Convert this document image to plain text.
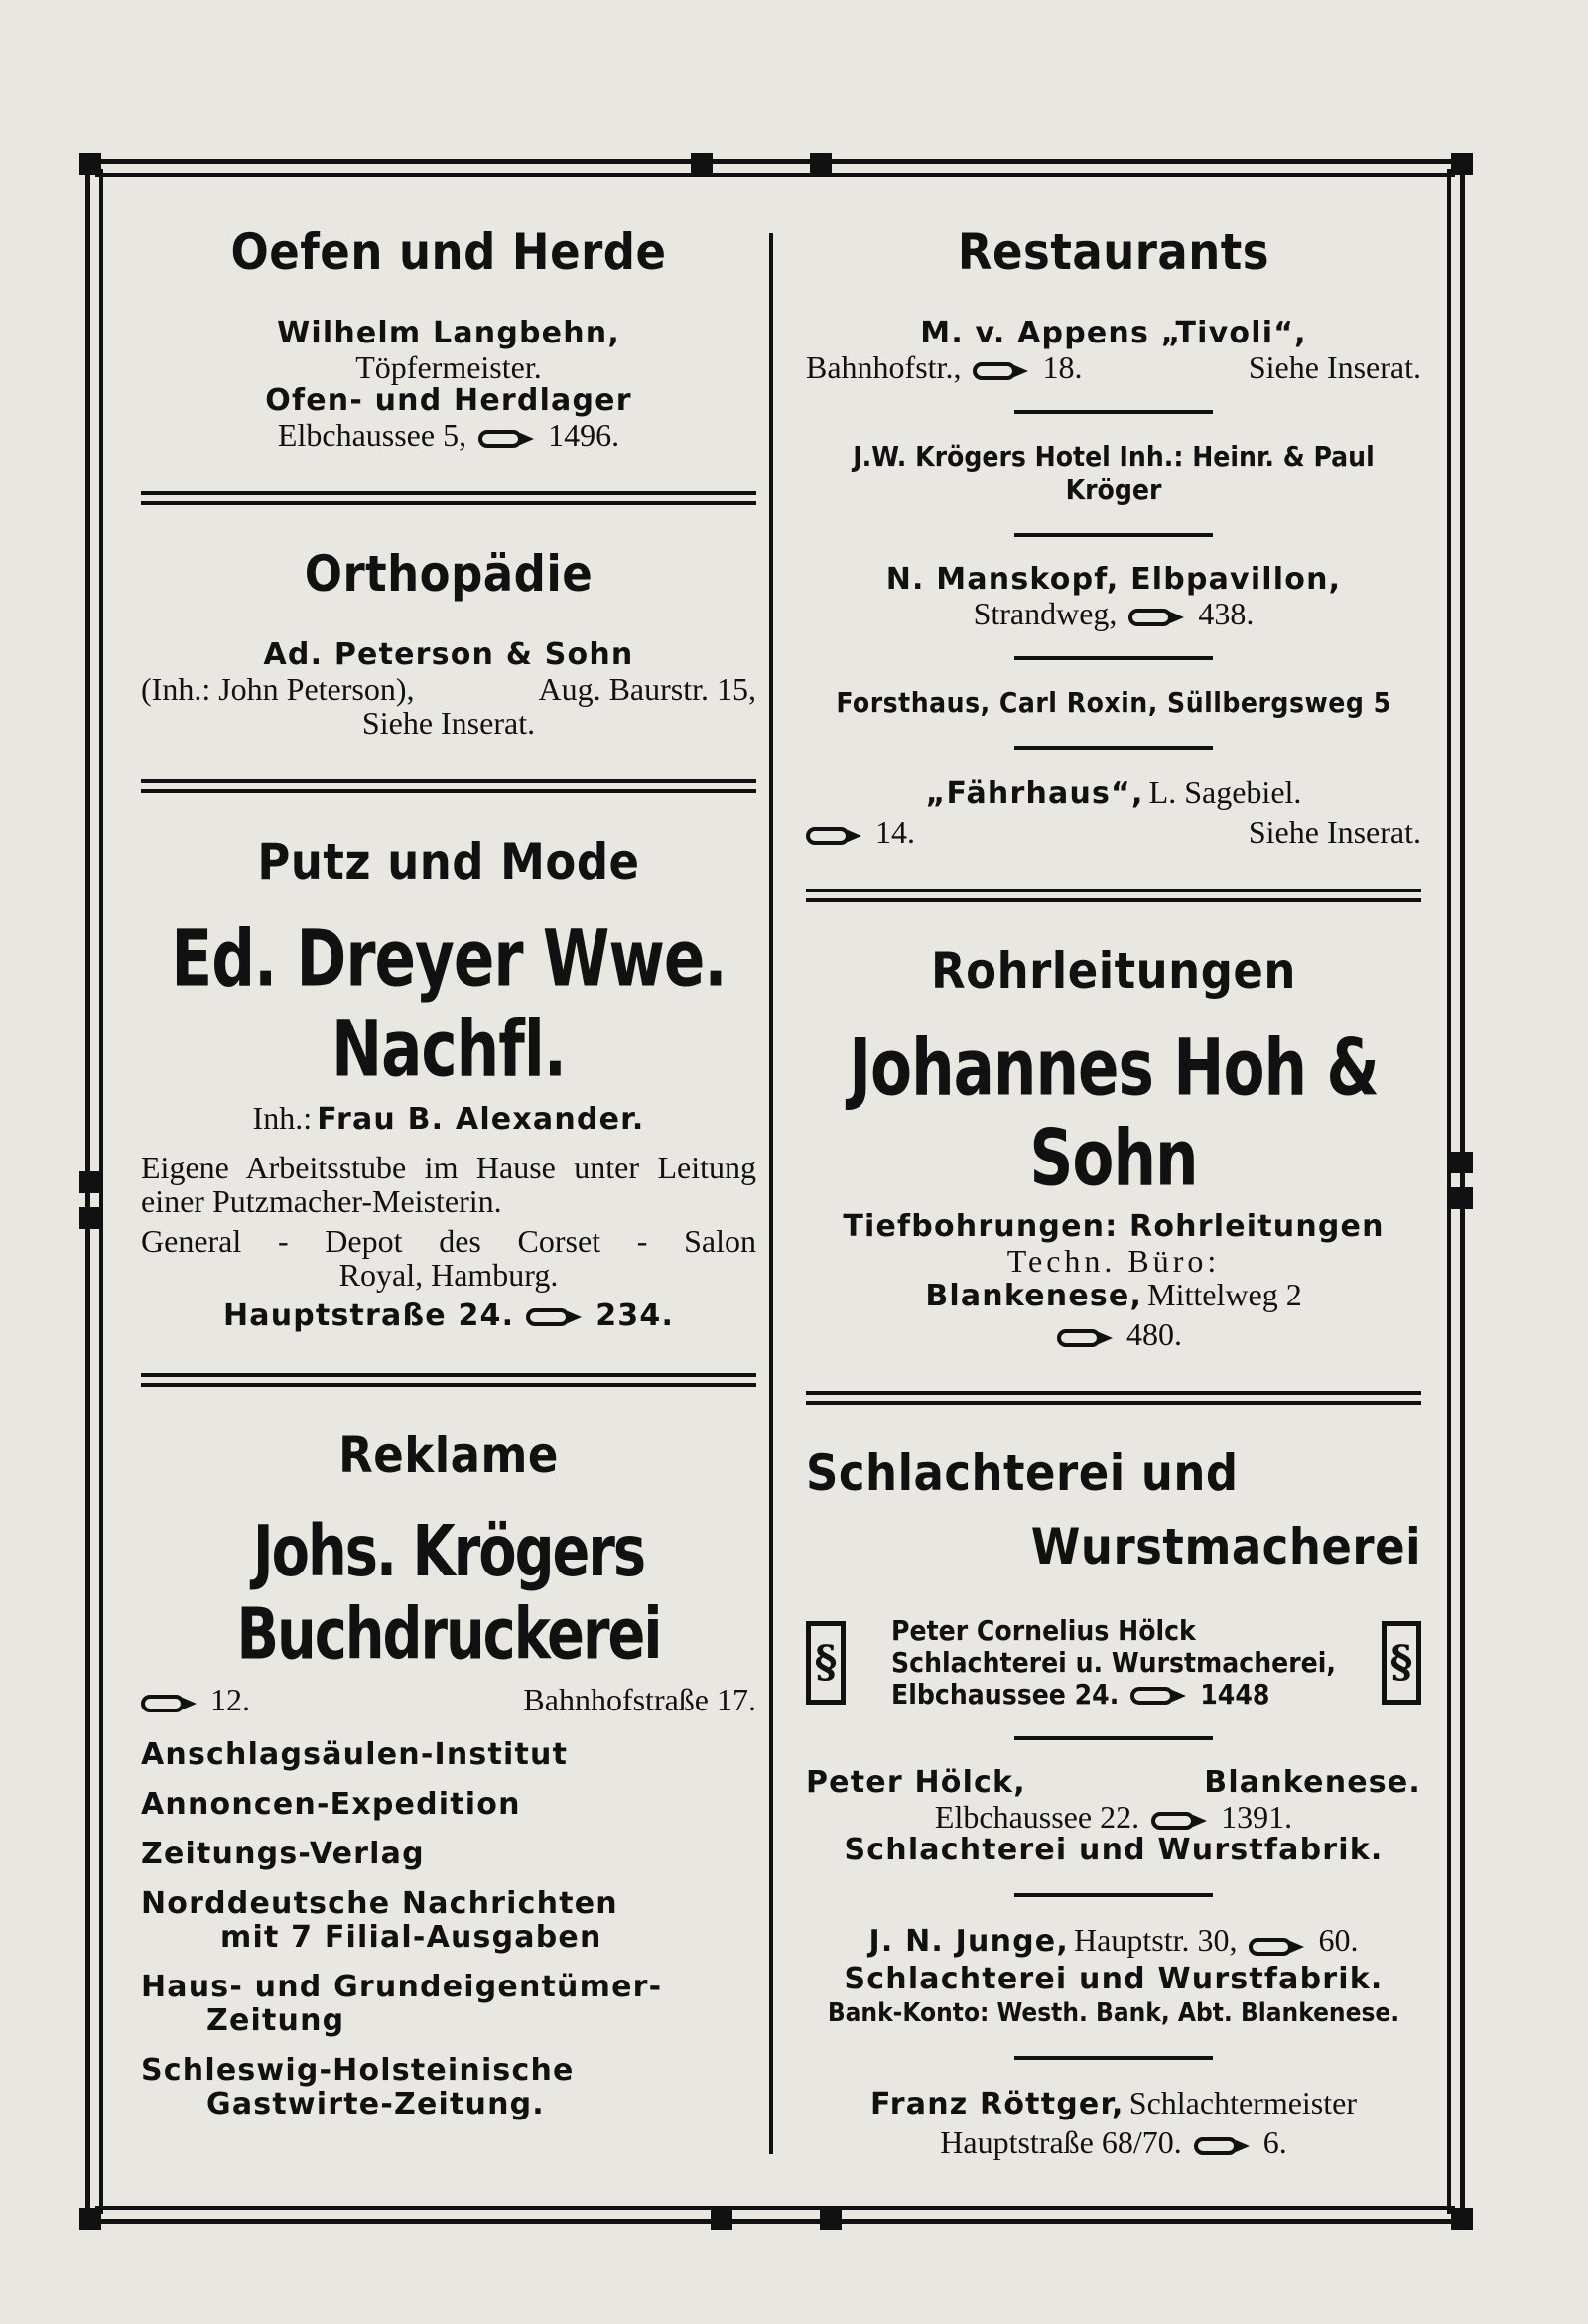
Oefen und Herde
Wilhelm Langbehn,
Töpfermeister.
Ofen- und Herdlager
Elbchaussee 5,	1496.
Orthopädie
Ad. Peterson & Sohn
(Inh.: John Peterson),	Aug. Baurstr. 15,
Siehe Inserat.
Putz und Mode
Ed. Dreyer Wwe. Nachfl.
Inh.: Frau B. Alexander.
Eigene Arbeitsstube im Hause unter Leitung einer Putzmacher-Meisterin.
General - Depot des Corset - Salon
Royal, Hamburg.
Hauptstraße 24.	234.
Reklame
Johs. Krögers Buchdruckerei
12.	Bahnhofstraße 17.
Anschlagsäulen-Institut
Annoncen-Expedition
Zeitungs-Verlag
Norddeutsche Nachrichten
mit 7 Filial-Ausgaben
Haus- und Grundeigentümer-
Zeitung
Schleswig-Holsteinische
Gastwirte-Zeitung.
Restaurants
M. v. Appens „Tivoli“,
Bahnhofstr.,	18.	Siehe Inserat.
J.W. Krögers Hotel Inh.: Heinr. & Paul Kröger
N. Manskopf, Elbpavillon,
Strandweg,	438.
Forsthaus, Carl Roxin, Süllbergsweg 5
„Fährhaus“, L. Sagebiel.
14.	Siehe Inserat.
Rohrleitungen
Johannes Hoh & Sohn
Tiefbohrungen: Rohrleitungen
Techn. Büro:
Blankenese, Mittelweg 2
480.
Schlachterei und
Wurstmacherei
§
Peter Cornelius Hölck
Schlachterei u. Wurstmacherei,
Elbchaussee 24.	1448
§
Peter Hölck,	Blankenese.
Elbchaussee 22.	1391.
Schlachterei und Wurstfabrik.
J. N. Junge, Hauptstr. 30,	60.
Schlachterei und Wurstfabrik.
Bank-Konto: Westh. Bank, Abt. Blankenese.
Franz Röttger, Schlachtermeister
Hauptstraße 68/70.	6.
